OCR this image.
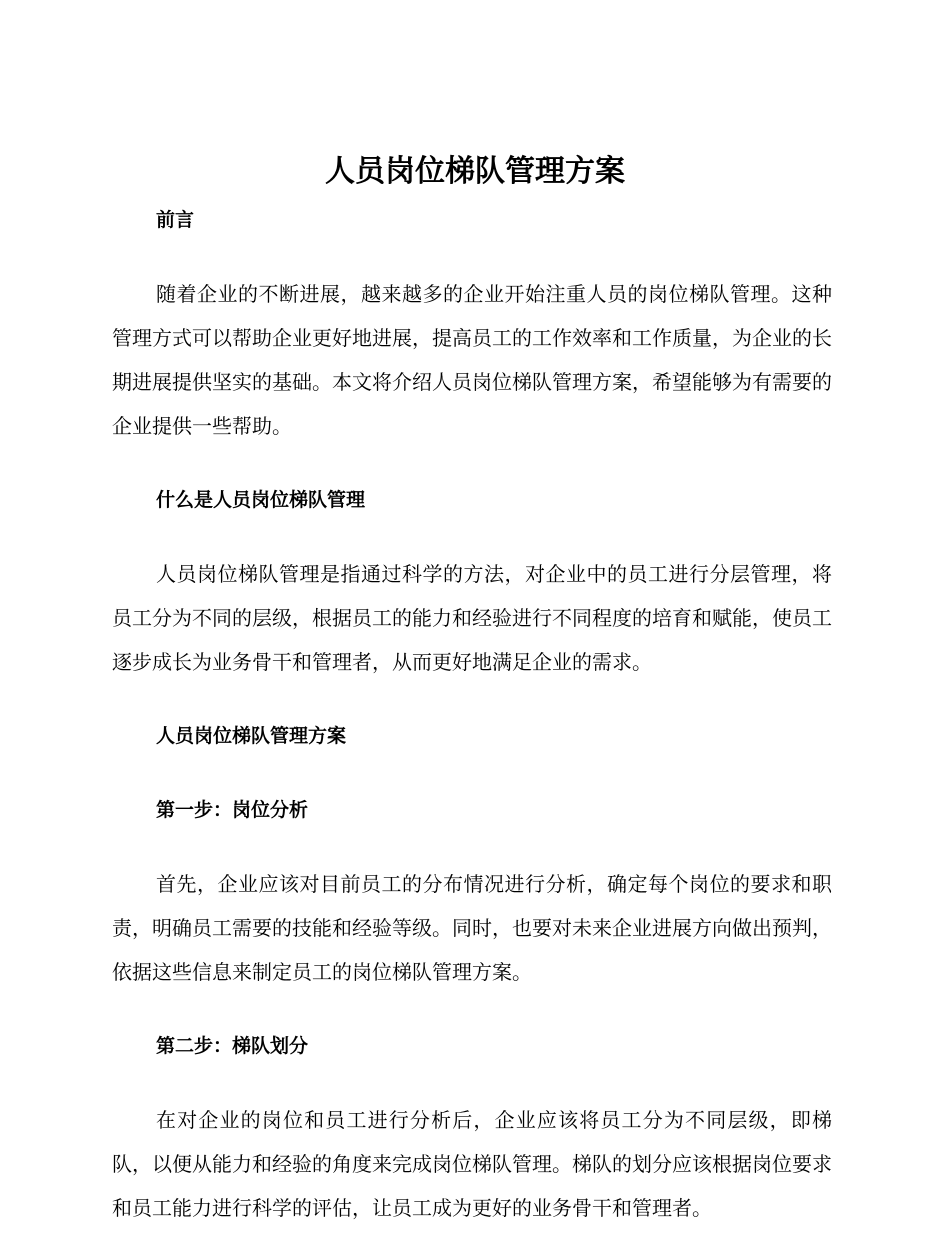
人员岗位梯队管理方案
前言

随着企业的不断进展，越来越多的企业开始注重人员的岗位梯队管理。这种管理方式可以帮助企业更好地进展，提高员工的工作效率和工作质量，为企业的长期进展提供坚实的基础。本文将介绍人员岗位梯队管理方案，希望能够为有需要的企业提供一些帮助。

什么是人员岗位梯队管理

人员岗位梯队管理是指通过科学的方法，对企业中的员工进行分层管理，将员工分为不同的层级，根据员工的能力和经验进行不同程度的培育和赋能，使员工逐步成长为业务骨干和管理者，从而更好地满足企业的需求。

人员岗位梯队管理方案
第一步：岗位分析

首先，企业应该对目前员工的分布情况进行分析，确定每个岗位的要求和职责，明确员工需要的技能和经验等级。同时，也要对未来企业进展方向做出预判，依据这些信息来制定员工的岗位梯队管理方案。

第二步：梯队划分

在对企业的岗位和员工进行分析后，企业应该将员工分为不同层级，即梯队，以便从能力和经验的角度来完成岗位梯队管理。梯队的划分应该根据岗位要求和员工能力进行科学的评估，让员工成为更好的业务骨干和管理者。
